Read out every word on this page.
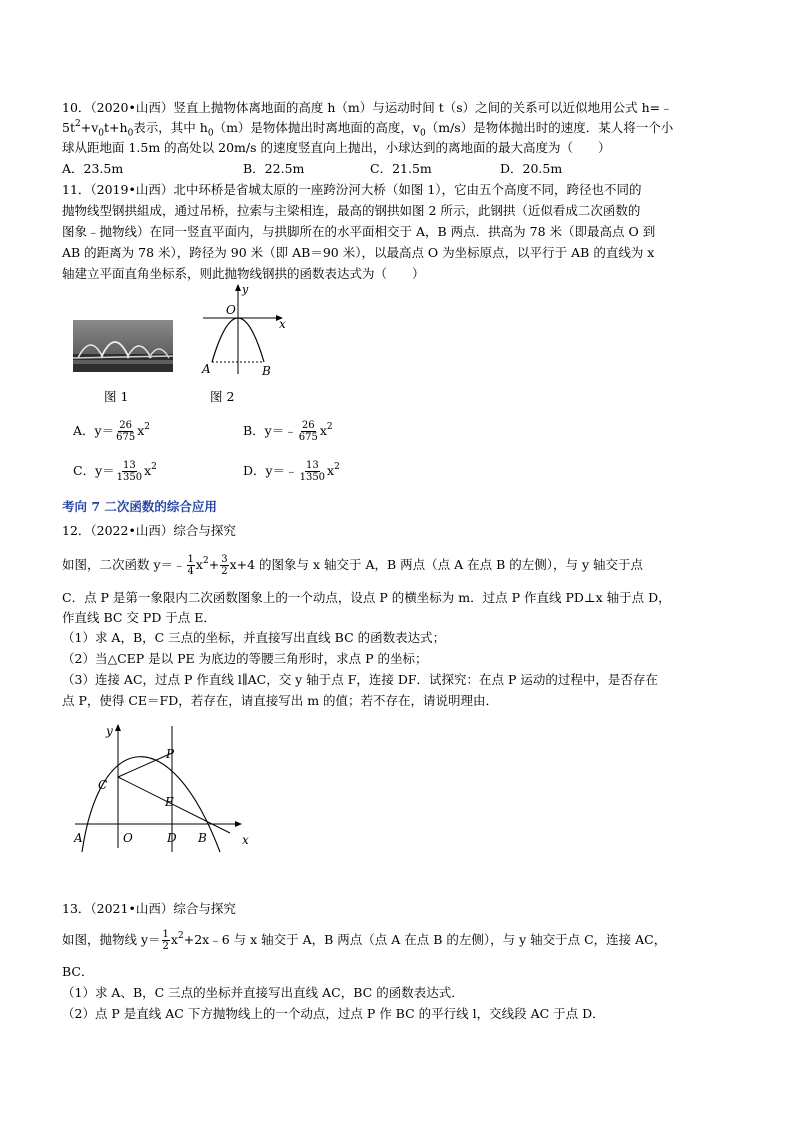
10．（2020•山西）竖直上抛物体离地面的高度 h（m）与运动时间 t（s）之间的关系可以近似地用公式 h=﹣
$5t^2+v_0t+h_0$表示，其中 $h_0(m)$是物体抛出时离地面的高度，$v_0(m/s)$是物体抛出时的速度．某人将一个小
球从距地面 1.5m 的高处以 20m/s 的速度竖直向上抛出，小球达到的离地面的最大高度为（　　）
A．23.5m	B．22.5m	C．21.5m	D．20.5m
11．（2019•山西）北中环桥是省城太原的一座跨汾河大桥（如图 1），它由五个高度不同，跨径也不同的
抛物线型钢拱組成，通过吊桥，拉索与主梁相连，最高的钢拱如图 2 所示，此钢拱（近似看成二次函数的
图象﹣抛物线）在同一竖直平面内，与拱脚所在的水平面相交于 A，B 两点．拱高为 78 米（即最高点 O 到
AB 的距离为 78 米），跨径为 90 米（即 AB＝90 米），以最高点 O 为坐标原点，以平行于 AB 的直线为 x
轴建立平面直角坐标系，则此抛物线钢拱的函数表达式为（　　）
图 1
y
O
x
A	B
图 2
A．$y= \frac{26}{675} x^2$	B．y＝﹣ $\frac{26}{675} x^2$
C．$y= \frac{13}{1350} x^2$	D．y＝﹣ $\frac{13}{1350} x^2$
考向 7 二次函数的综合应用
12．（2022•山西）综合与探究
如图，二次函数 y＝﹣ $\frac{1}{4} x^2+ \frac{3}{2} x+4$ 的图象与 x 轴交于 A，B 两点（点 A 在点 B 的左侧），与 y 轴交于点
C．点 P 是第一象限内二次函数图象上的一个动点，设点 P 的横坐标为 m．过点 P 作直线 PD⊥x 轴于点 D，
作直线 BC 交 PD 于点 E．
（1）求 A，B，C 三点的坐标，并直接写出直线 BC 的函数表达式；
（2）当△CEP 是以 PE 为底边的等腰三角形时，求点 P 的坐标；
（3）连接 AC，过点 P 作直线 l∥AC，交 y 轴于点 F，连接 DF．试探究：在点 P 运动的过程中，是否存在
点 P，使得 CE＝FD，若存在，请直接写出 m 的值；若不存在，请说明理由．
y
P
C
E
A	O	D B	x
13．（2021•山西）综合与探究
如图，抛物线 $y= \frac{1}{2}$ $x^2+2x﹣6$ 与 x 轴交于 A，B 两点（点 A 在点 B 的左侧），与 y 轴交于点 C，连接 AC，
BC．
（1）求 A、B，C 三点的坐标并直接写出直线 AC，BC 的函数表达式．
（2）点 P 是直线 AC 下方抛物线上的一个动点，过点 P 作 BC 的平行线 l，交线段 AC 于点 D．
